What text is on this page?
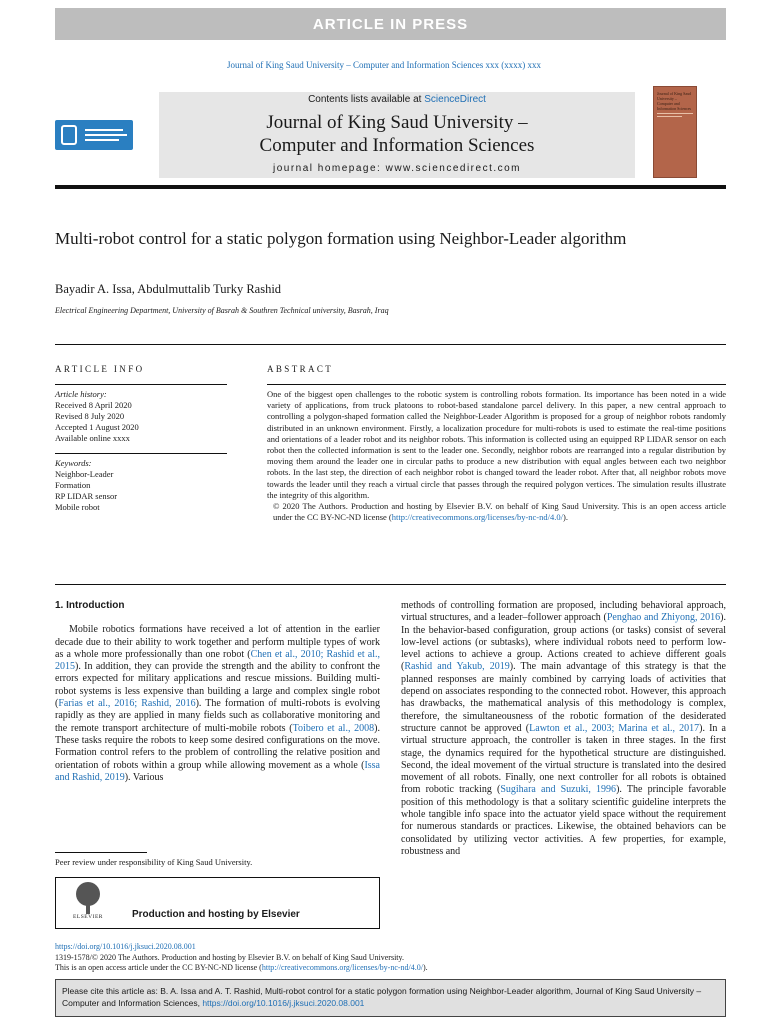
ARTICLE IN PRESS
Journal of King Saud University – Computer and Information Sciences xxx (xxxx) xxx
Contents lists available at ScienceDirect
Journal of King Saud University –
Computer and Information Sciences
journal homepage: www.sciencedirect.com
Journal of King Saud University – Computer and Information Sciences
Multi-robot control for a static polygon formation using Neighbor-Leader algorithm
Bayadir A. Issa, Abdulmuttalib Turky Rashid
Electrical Engineering Department, University of Basrah & Southren Technical university, Basrah, Iraq
ARTICLE INFO	ABSTRACT
Article history:
Received 8 April 2020
Revised 8 July 2020
Accepted 1 August 2020
Available online xxxx
Keywords:
Neighbor-Leader
Formation
RP LIDAR sensor
Mobile robot
One of the biggest open challenges to the robotic system is controlling robots formation. Its importance has been noted in a wide variety of applications, from truck platoons to robot-based standalone parcel delivery. In this paper, a new central approach to controlling a polygon-shaped formation called the Neighbor-Leader Algorithm is proposed for a group of neighbor robots randomly distributed in an unknown environment. Firstly, a localization procedure for multi-robots is used to estimate the real-time positions and orientations of a leader robot and its neighbor robots. This information is collected using an equipped RP LIDAR sensor on each robot then the collected information is sent to the leader one. Secondly, neighbor robots are rearranged into a regular distribution by moving them around the leader one in circular paths to produce a new distribution with equal angles between each two neighbor robots. In the last step, the direction of each neighbor robot is changed toward the leader robot. After that, all neighbor robots move towards the leader until they reach a virtual circle that passes through the required polygon vertices. The simulation results illustrate the integrity of this algorithm.
© 2020 The Authors. Production and hosting by Elsevier B.V. on behalf of King Saud University. This is an open access article under the CC BY-NC-ND license (http://creativecommons.org/licenses/by-nc-nd/4.0/).
1. Introduction
Mobile robotics formations have received a lot of attention in the earlier decade due to their ability to work together and perform multiple types of work as a whole more professionally than one robot (Chen et al., 2010; Rashid et al., 2015). In addition, they can provide the strength and the ability to confront the errors expected for military applications and rescue missions. Building multi-robot systems is less expensive than building a large and complex single robot (Farias et al., 2016; Rashid, 2016). The formation of multi-robots is evolving rapidly as they are applied in many fields such as collaborative monitoring and the remote transport architecture of multi-mobile robots (Toibero et al., 2008). These tasks require the robots to keep some desired configurations on the move. Formation control refers to the problem of controlling the relative position and orientation of robots within a group while allowing movement as a whole (Issa and Rashid, 2019). Various
methods of controlling formation are proposed, including behavioral approach, virtual structures, and a leader–follower approach (Penghao and Zhiyong, 2016). In the behavior-based configuration, group actions (or tasks) consist of several low-level actions (or subtasks), where individual robots need to perform low-level actions to achieve a group. Actions created to achieve different goals (Rashid and Yakub, 2019). The main advantage of this strategy is that the planned responses are mainly combined by carrying loads of activities that depend on associates responding to the connected robot. However, this approach has drawbacks, the mathematical analysis of this methodology is complex, therefore, the simultaneousness of the robotic formation of the desiderated structure cannot be approved (Lawton et al., 2003; Marina et al., 2017). In a virtual structure approach, the controller is taken in three stages. In the first stage, the dynamics required for the hypothetical structure are distinguished. Second, the ideal movement of the virtual structure is translated into the desired movement of all robots. Finally, one next controller for all robots is obtained from robotic tracking (Sugihara and Suzuki, 1996). The principle favorable position of this methodology is that a solitary scientific guideline interprets the whole tangible info space into the actuator yield space without the requirement for numerous standards or practices. Likewise, the obtained behaviors can be consolidated by utilizing vector activities. A few properties, for example, robustness and
Peer review under responsibility of King Saud University.
ELSEVIER	Production and hosting by Elsevier
https://doi.org/10.1016/j.jksuci.2020.08.001
1319-1578/© 2020 The Authors. Production and hosting by Elsevier B.V. on behalf of King Saud University.
This is an open access article under the CC BY-NC-ND license (http://creativecommons.org/licenses/by-nc-nd/4.0/).
Please cite this article as: B. A. Issa and A. T. Rashid, Multi-robot control for a static polygon formation using Neighbor-Leader algorithm, Journal of King Saud University – Computer and Information Sciences, https://doi.org/10.1016/j.jksuci.2020.08.001
